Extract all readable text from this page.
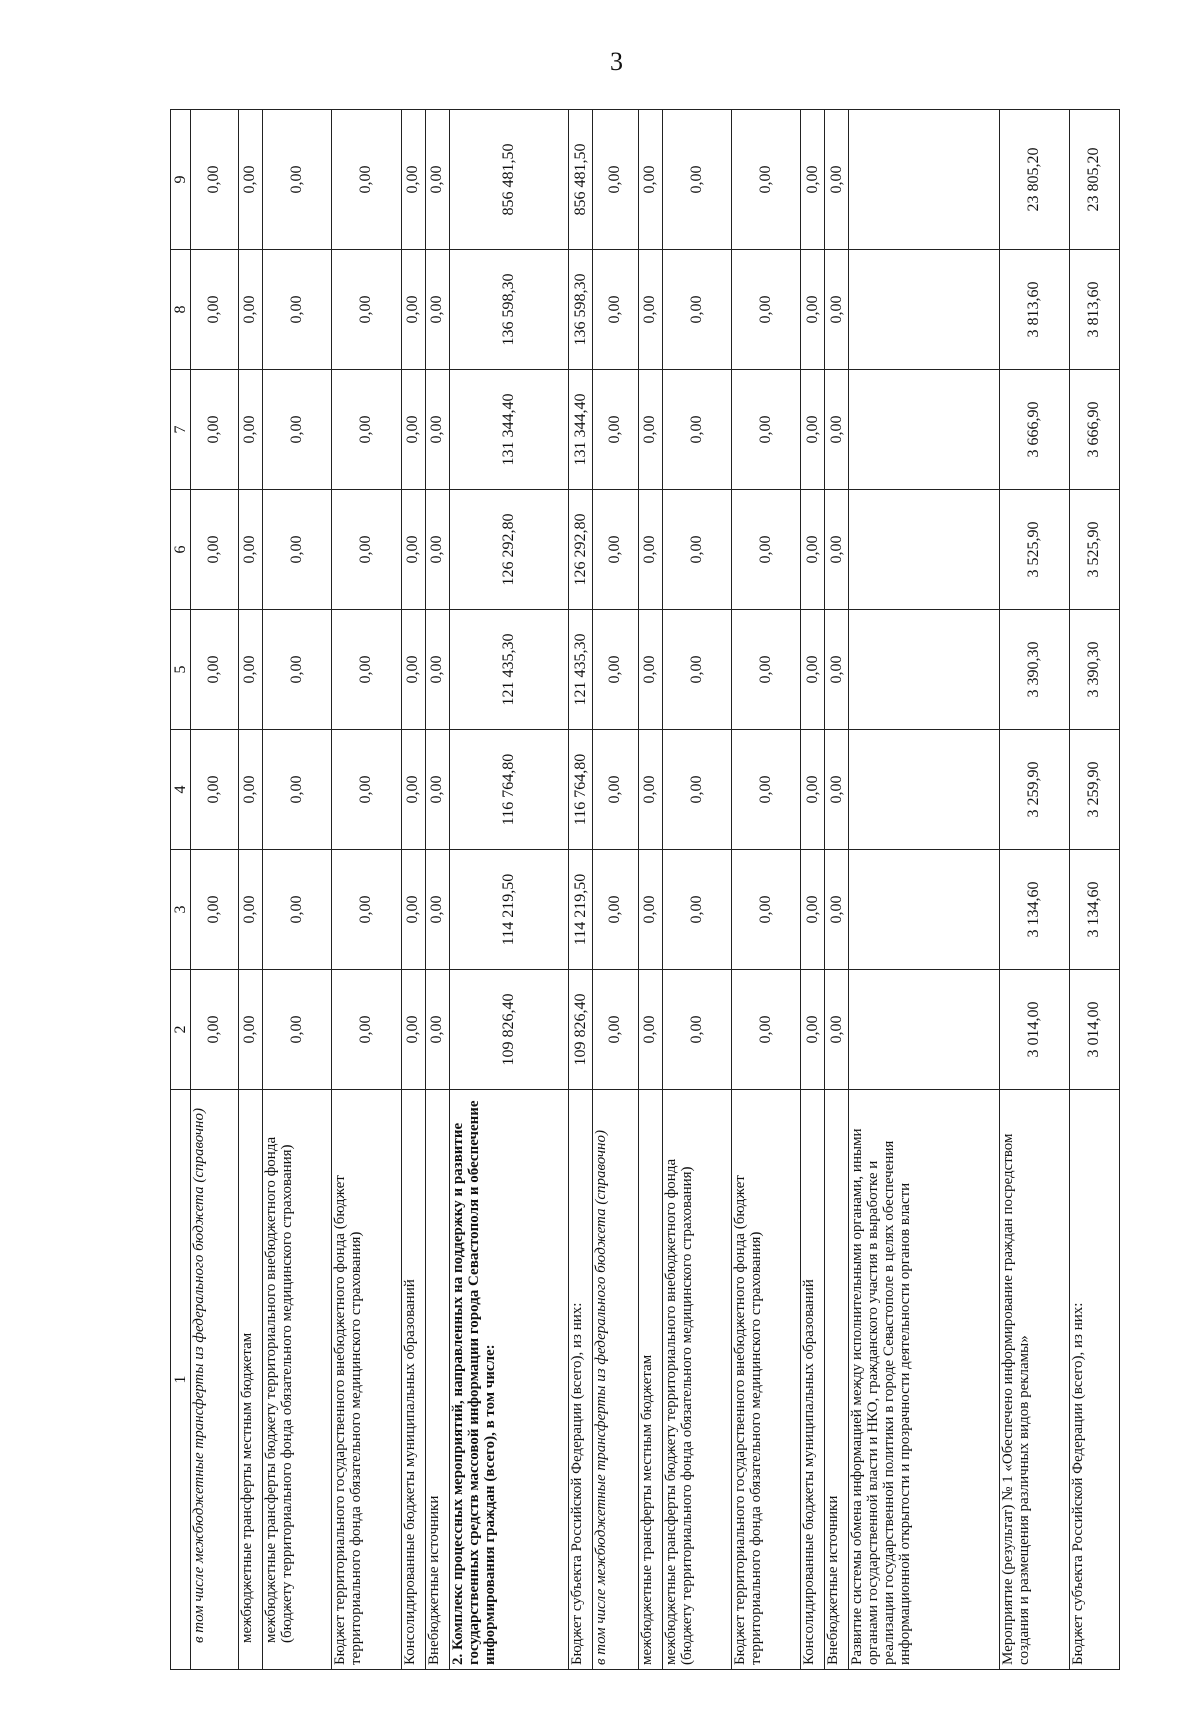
3
1	2	3	4	5	6	7	8	9
в том числе межбюджетные трансферты из федерального бюджета (справочно)	0,00	0,00	0,00	0,00	0,00	0,00	0,00	0,00
межбюджетные трансферты местным бюджетам	0,00	0,00	0,00	0,00	0,00	0,00	0,00	0,00
межбюджетные трансферты бюджету территориального внебюджетного фонда (бюджету территориального фонда обязательного медицинского страхования)	0,00	0,00	0,00	0,00	0,00	0,00	0,00	0,00
Бюджет территориального государственного внебюджетного фонда (бюджет территориального фонда обязательного медицинского страхования)	0,00	0,00	0,00	0,00	0,00	0,00	0,00	0,00
Консолидированные бюджеты муниципальных образований	0,00	0,00	0,00	0,00	0,00	0,00	0,00	0,00
Внебюджетные источники	0,00	0,00	0,00	0,00	0,00	0,00	0,00	0,00
2. Комплекс процессных мероприятий, направленных на поддержку и развитие государственных средств массовой информации города Севастополя и обеспечение информирования граждан (всего), в том числе:	109 826,40	114 219,50	116 764,80	121 435,30	126 292,80	131 344,40	136 598,30	856 481,50
Бюджет субъекта Российской Федерации (всего), из них:	109 826,40	114 219,50	116 764,80	121 435,30	126 292,80	131 344,40	136 598,30	856 481,50
в том числе межбюджетные трансферты из федерального бюджета (справочно)	0,00	0,00	0,00	0,00	0,00	0,00	0,00	0,00
межбюджетные трансферты местным бюджетам	0,00	0,00	0,00	0,00	0,00	0,00	0,00	0,00
межбюджетные трансферты бюджету территориального внебюджетного фонда (бюджету территориального фонда обязательного медицинского страхования)	0,00	0,00	0,00	0,00	0,00	0,00	0,00	0,00
Бюджет территориального государственного внебюджетного фонда (бюджет территориального фонда обязательного медицинского страхования)	0,00	0,00	0,00	0,00	0,00	0,00	0,00	0,00
Консолидированные бюджеты муниципальных образований	0,00	0,00	0,00	0,00	0,00	0,00	0,00	0,00
Внебюджетные источники	0,00	0,00	0,00	0,00	0,00	0,00	0,00	0,00
Развитие системы обмена информацией между исполнительными органами, иными органами государственной власти и НКО, гражданского участия в выработке и реализации государственной политики в городе Севастополе в целях обеспечения информационной открытости и прозрачности деятельности органов власти								
Мероприятие (результат) № 1 «Обеспечено информирование граждан посредством создания и размещения различных видов рекламы»	3 014,00	3 134,60	3 259,90	3 390,30	3 525,90	3 666,90	3 813,60	23 805,20
Бюджет субъекта Российской Федерации (всего), из них:	3 014,00	3 134,60	3 259,90	3 390,30	3 525,90	3 666,90	3 813,60	23 805,20
